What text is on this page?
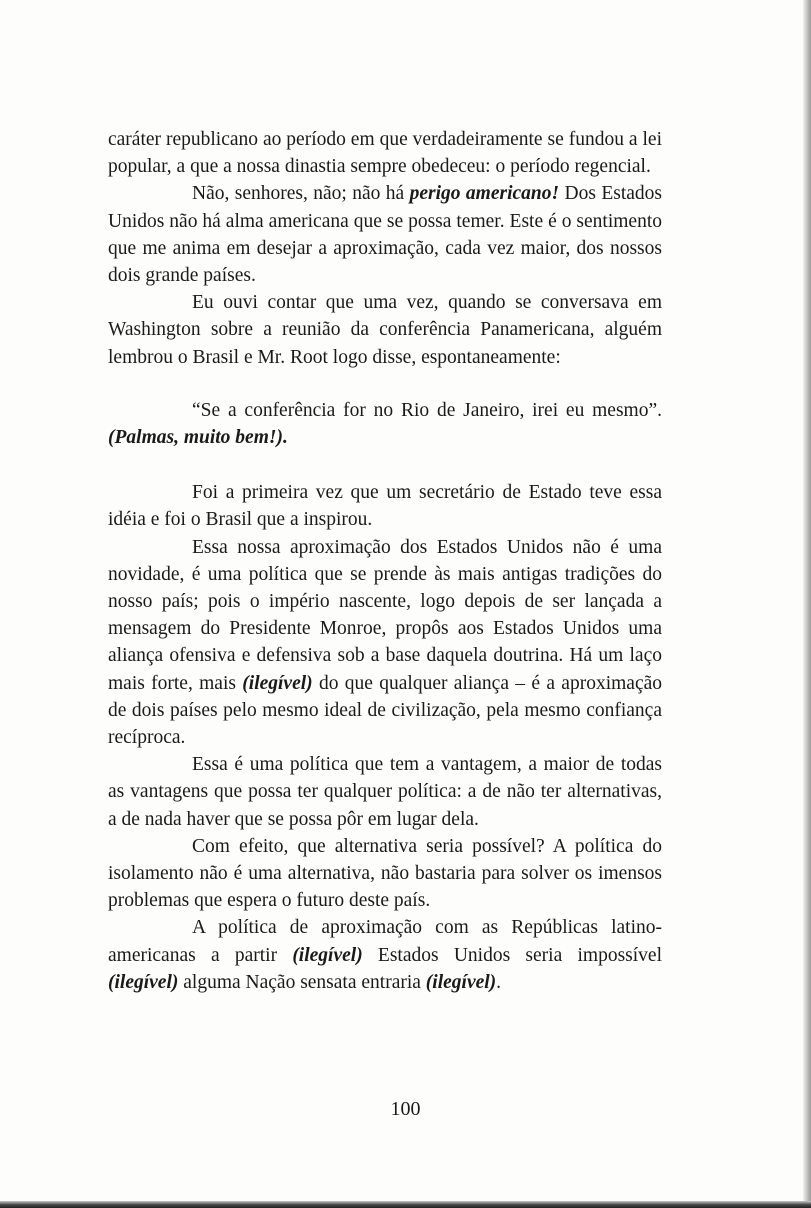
caráter republicano ao período em que verdadeiramente se fundou a lei popular, a que a nossa dinastia sempre obedeceu: o período regencial.

Não, senhores, não; não há perigo americano! Dos Estados Unidos não há alma americana que se possa temer. Este é o sentimento que me anima em desejar a aproximação, cada vez maior, dos nossos dois grande países.

Eu ouvi contar que uma vez, quando se conversava em Washington sobre a reunião da conferência Panamericana, alguém lembrou o Brasil e Mr. Root logo disse, espontaneamente:

“Se a conferência for no Rio de Janeiro, irei eu mesmo”. (Palmas, muito bem!).

Foi a primeira vez que um secretário de Estado teve essa idéia e foi o Brasil que a inspirou.

Essa nossa aproximação dos Estados Unidos não é uma novidade, é uma política que se prende às mais antigas tradições do nosso país; pois o império nascente, logo depois de ser lançada a mensagem do Presidente Monroe, propôs aos Estados Unidos uma aliança ofensiva e defensiva sob a base daquela doutrina. Há um laço mais forte, mais (ilegível) do que qualquer aliança – é a aproximação de dois países pelo mesmo ideal de civilização, pela mesmo confiança recíproca.

Essa é uma política que tem a vantagem, a maior de todas as vantagens que possa ter qualquer política: a de não ter alternativas, a de nada haver que se possa pôr em lugar dela.

Com efeito, que alternativa seria possível? A política do isolamento não é uma alternativa, não bastaria para solver os imensos problemas que espera o futuro deste país.

A política de aproximação com as Repúblicas latino-americanas a partir (ilegível) Estados Unidos seria impossível (ilegível) alguma Nação sensata entraria (ilegível).

100
